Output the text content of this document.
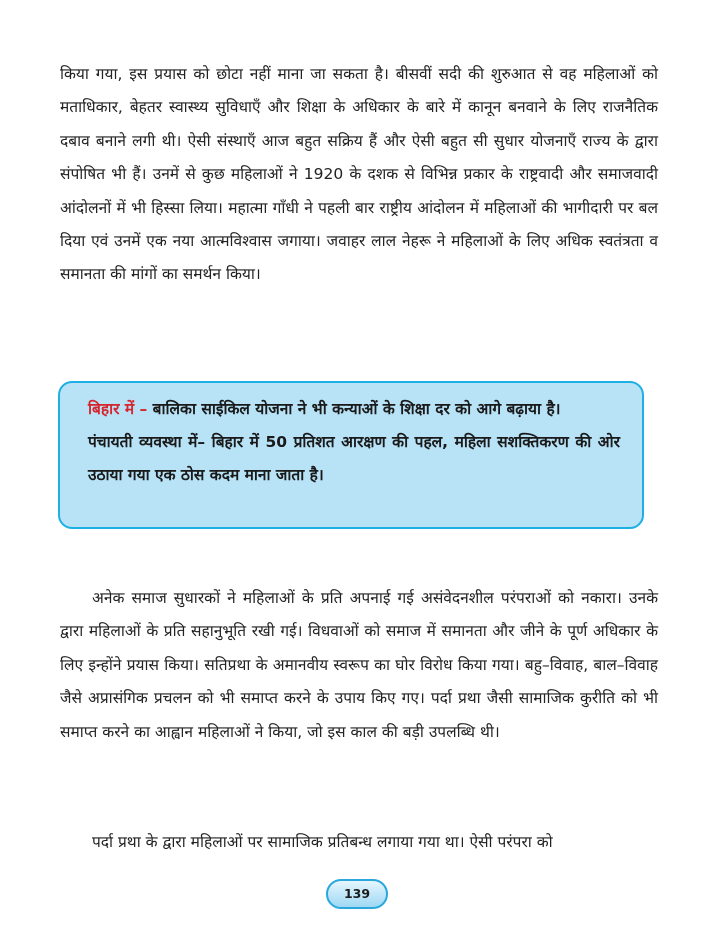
किया गया, इस प्रयास को छोटा नहीं माना जा सकता है। बीसवीं सदी की शुरुआत से वह महिलाओं को मताधिकार, बेहतर स्वास्थ्य सुविधाएँ और शिक्षा के अधिकार के बारे में कानून बनवाने के लिए राजनैतिक दबाव बनाने लगी थी। ऐसी संस्थाएँ आज बहुत सक्रिय हैं और ऐसी बहुत सी सुधार योजनाएँ राज्य के द्वारा संपोषित भी हैं। उनमें से कुछ महिलाओं ने 1920 के दशक से विभिन्न प्रकार के राष्ट्रवादी और समाजवादी आंदोलनों में भी हिस्सा लिया। महात्मा गाँधी ने पहली बार राष्ट्रीय आंदोलन में महिलाओं की भागीदारी पर बल दिया एवं उनमें एक नया आत्मविश्वास जगाया। जवाहर लाल नेहरू ने महिलाओं के लिए अधिक स्वतंत्रता व समानता की मांगों का समर्थन किया।

बिहार में – बालिका साईकिल योजना ने भी कन्याओं के शिक्षा दर को आगे बढ़ाया है।

पंचायती व्यवस्था में– बिहार में 50 प्रतिशत आरक्षण की पहल, महिला सशक्तिकरण की ओर उठाया गया एक ठोस कदम माना जाता है।

अनेक समाज सुधारकों ने महिलाओं के प्रति अपनाई गई असंवेदनशील परंपराओं को नकारा। उनके द्वारा महिलाओं के प्रति सहानुभूति रखी गई। विधवाओं को समाज में समानता और जीने के पूर्ण अधिकार के लिए इन्होंने प्रयास किया। सतिप्रथा के अमानवीय स्वरूप का घोर विरोध किया गया। बहु–विवाह, बाल–विवाह जैसे अप्रासंगिक प्रचलन को भी समाप्त करने के उपाय किए गए। पर्दा प्रथा जैसी सामाजिक कुरीति को भी समाप्त करने का आह्वान महिलाओं ने किया, जो इस काल की बड़ी उपलब्धि थी।

पर्दा प्रथा के द्वारा महिलाओं पर सामाजिक प्रतिबन्ध लगाया गया था। ऐसी परंपरा को

139
